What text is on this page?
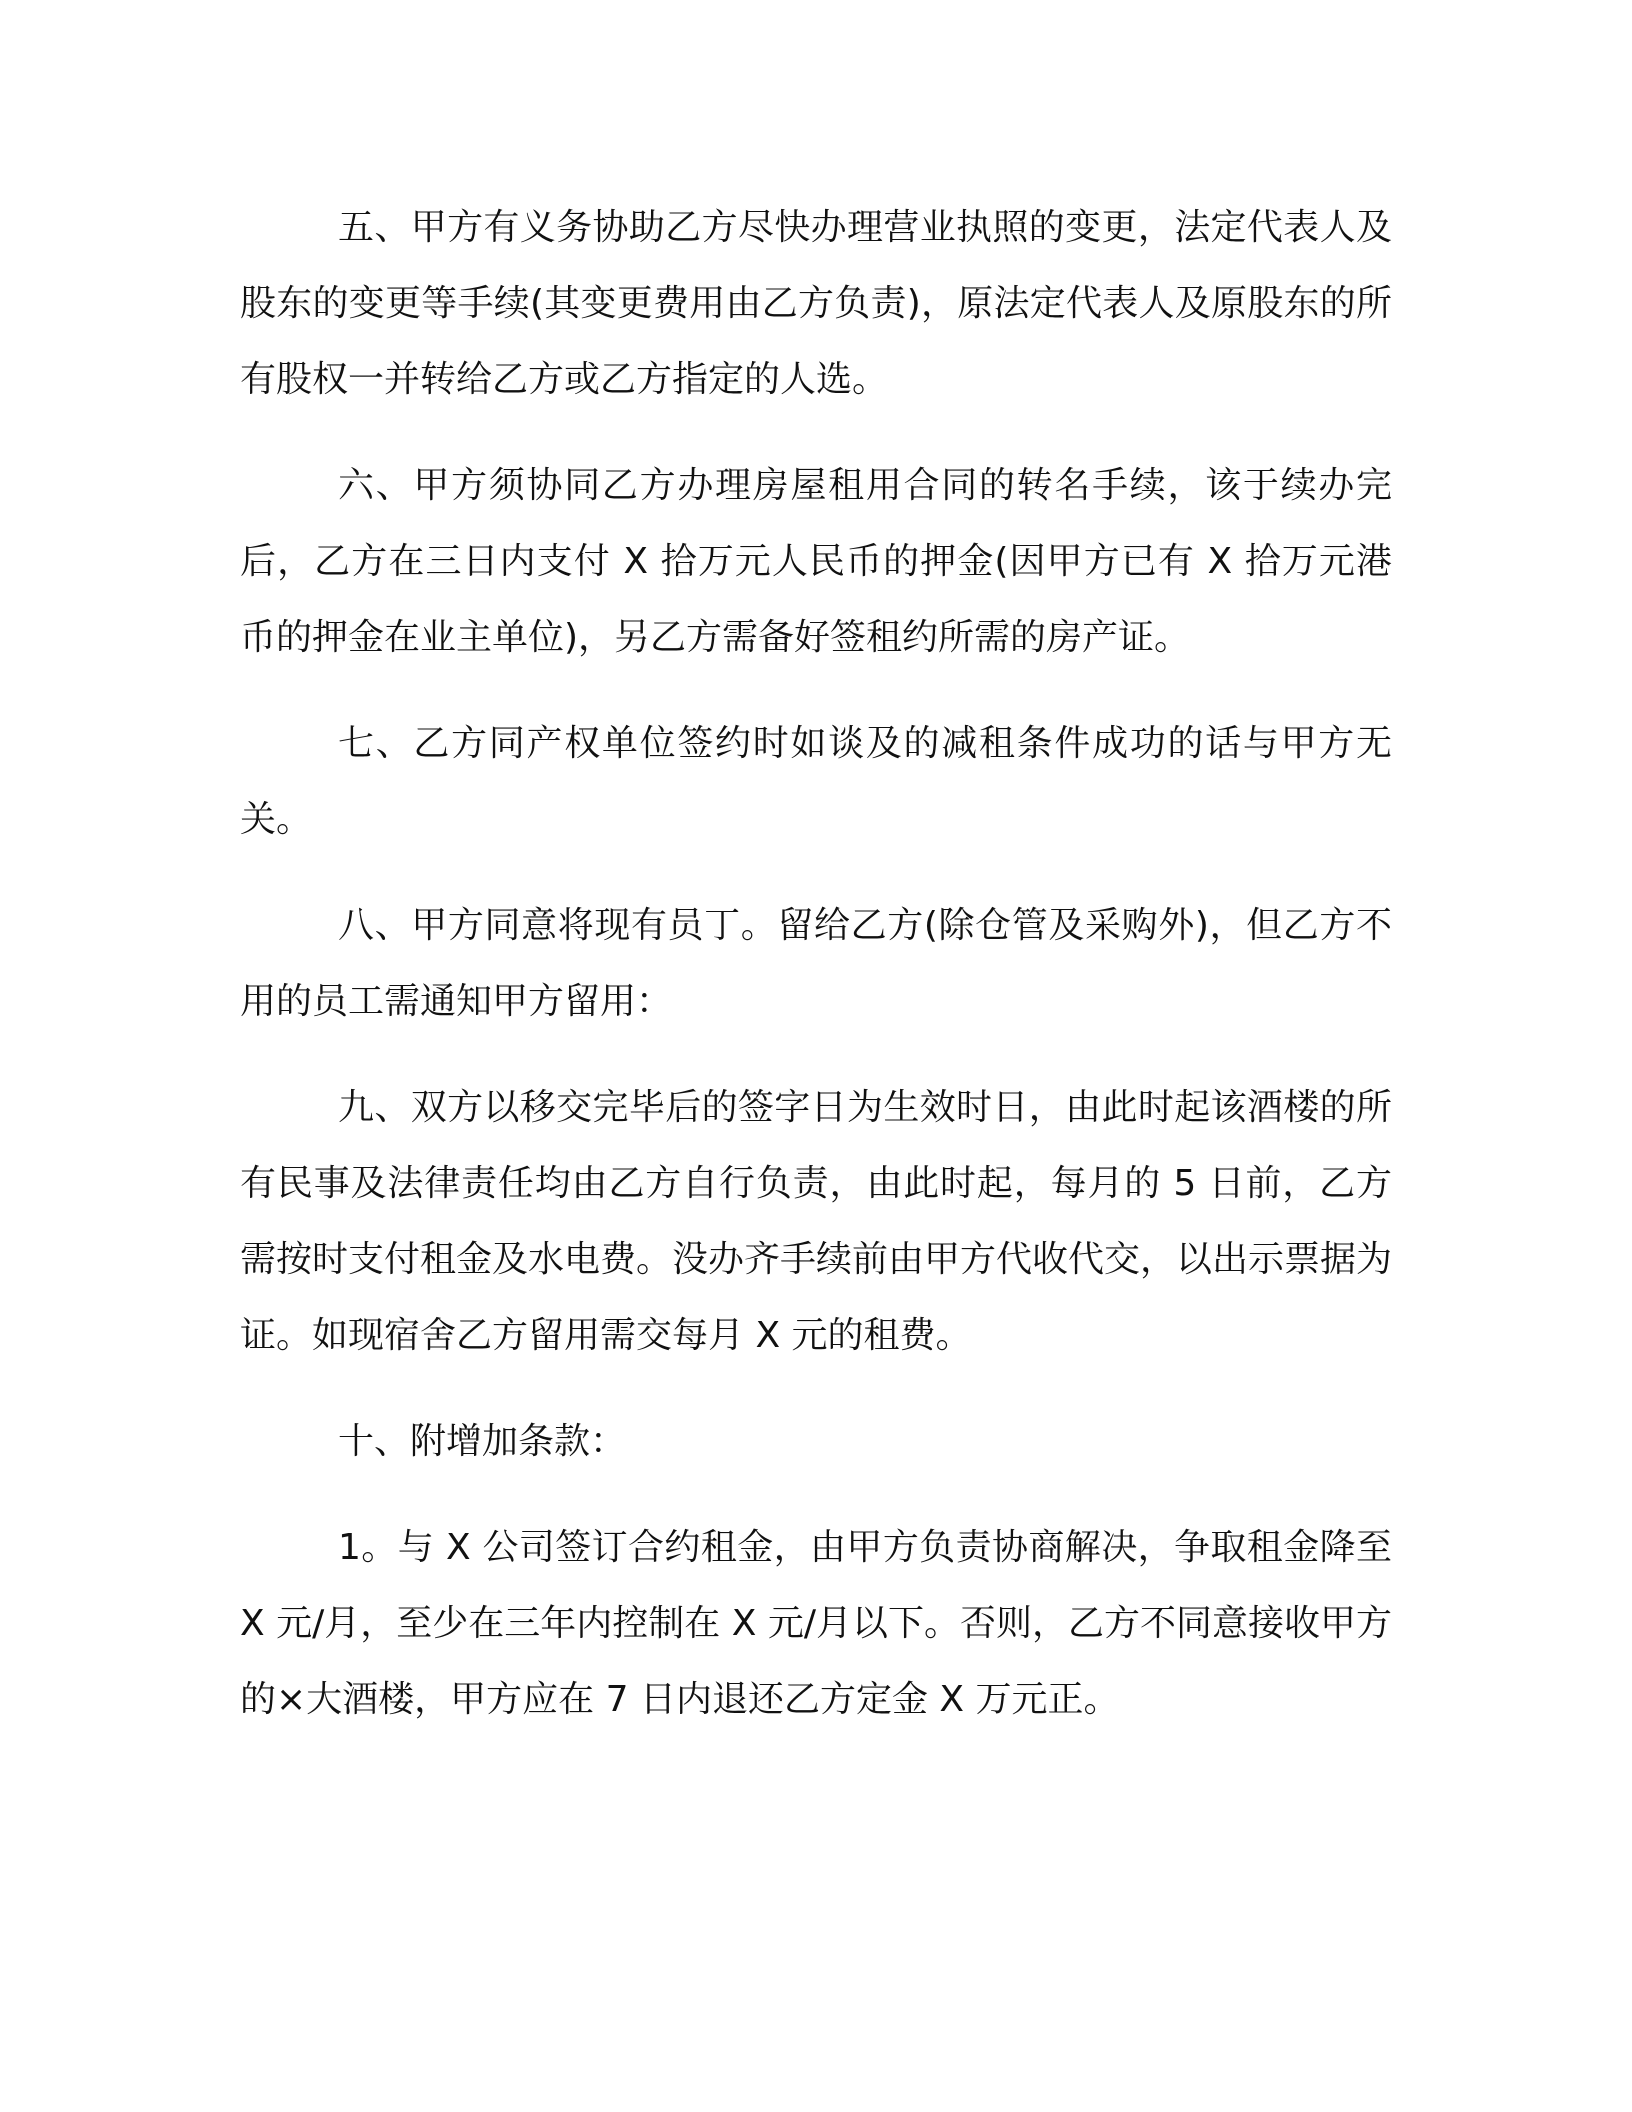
五、甲方有义务协助乙方尽快办理营业执照的变更，法定代表人及股东的变更等手续(其变更费用由乙方负责)，原法定代表人及原股东的所有股权一并转给乙方或乙方指定的人选。

六、甲方须协同乙方办理房屋租用合同的转名手续，该于续办完后，乙方在三日内支付 X 拾万元人民币的押金(因甲方已有 X 拾万元港币的押金在业主单位)，另乙方需备好签租约所需的房产证。

七、乙方同产权单位签约时如谈及的减租条件成功的话与甲方无关。

八、甲方同意将现有员丁。留给乙方(除仓管及采购外)，但乙方不用的员工需通知甲方留用：

九、双方以移交完毕后的签字日为生效时日，由此时起该酒楼的所有民事及法律责任均由乙方自行负责，由此时起，每月的 5 日前，乙方需按时支付租金及水电费。没办齐手续前由甲方代收代交，以出示票据为证。如现宿舍乙方留用需交每月 X 元的租费。

十、附增加条款：

1。与 X 公司签订合约租金，由甲方负责协商解决，争取租金降至 X 元/月，至少在三年内控制在 X 元/月以下。否则，乙方不同意接收甲方的×大酒楼，甲方应在 7 日内退还乙方定金 X 万元正。
